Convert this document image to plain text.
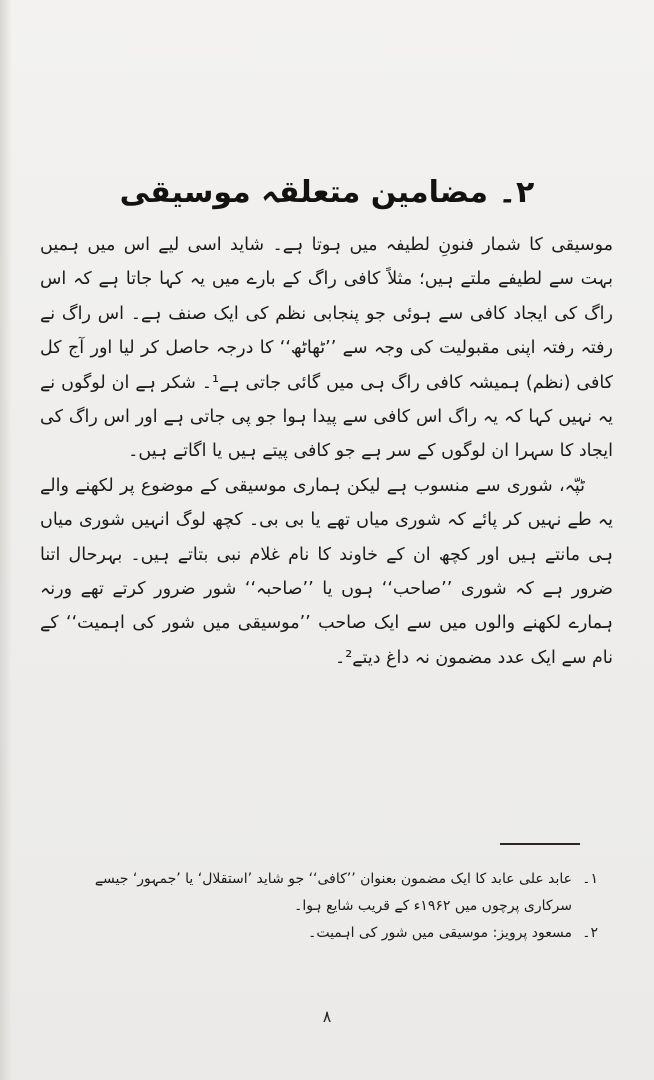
۲۔ مضامین متعلقہ موسیقی

موسیقی کا شمار فنونِ لطیفہ میں ہوتا ہے۔ شاید اسی لیے اس میں ہمیں بہت سے لطیفے ملتے ہیں؛ مثلاً کافی راگ کے بارے میں یہ کہا جاتا ہے کہ اس راگ کی ایجاد کافی سے ہوئی جو پنجابی نظم کی ایک صنف ہے۔ اس راگ نے رفتہ رفتہ اپنی مقبولیت کی وجہ سے ’’ٹھاٹھ‘‘ کا درجہ حاصل کر لیا اور آج کل کافی (نظم) ہمیشہ کافی راگ ہی میں گائی جاتی ہے¹۔ شکر ہے ان لوگوں نے یہ نہیں کہا کہ یہ راگ اس کافی سے پیدا ہوا جو پی جاتی ہے اور اس راگ کی ایجاد کا سہرا ان لوگوں کے سر ہے جو کافی پیتے ہیں یا اگاتے ہیں۔

ٹپّہ، شوری سے منسوب ہے لیکن ہماری موسیقی کے موضوع پر لکھنے والے یہ طے نہیں کر پائے کہ شوری میاں تھے یا بی بی۔ کچھ لوگ انہیں شوری میاں ہی مانتے ہیں اور کچھ ان کے خاوند کا نام غلام نبی بتاتے ہیں۔ بہرحال اتنا ضرور ہے کہ شوری ’’صاحب‘‘ ہوں یا ’’صاحبہ‘‘ شور ضرور کرتے تھے ورنہ ہمارے لکھنے والوں میں سے ایک صاحب ’’موسیقی میں شور کی اہمیت‘‘ کے نام سے ایک عدد مضمون نہ داغ دیتے²۔

۱۔
عابد علی عابد کا ایک مضمون بعنوان ’’کافی‘‘ جو شاید ’استقلال‘ یا ’جمہور‘ جیسے سرکاری پرچوں میں ۱۹۶۲ء کے قریب شایع ہوا۔
۲۔
مسعود پرویز: موسیقی میں شور کی اہمیت۔
۸
